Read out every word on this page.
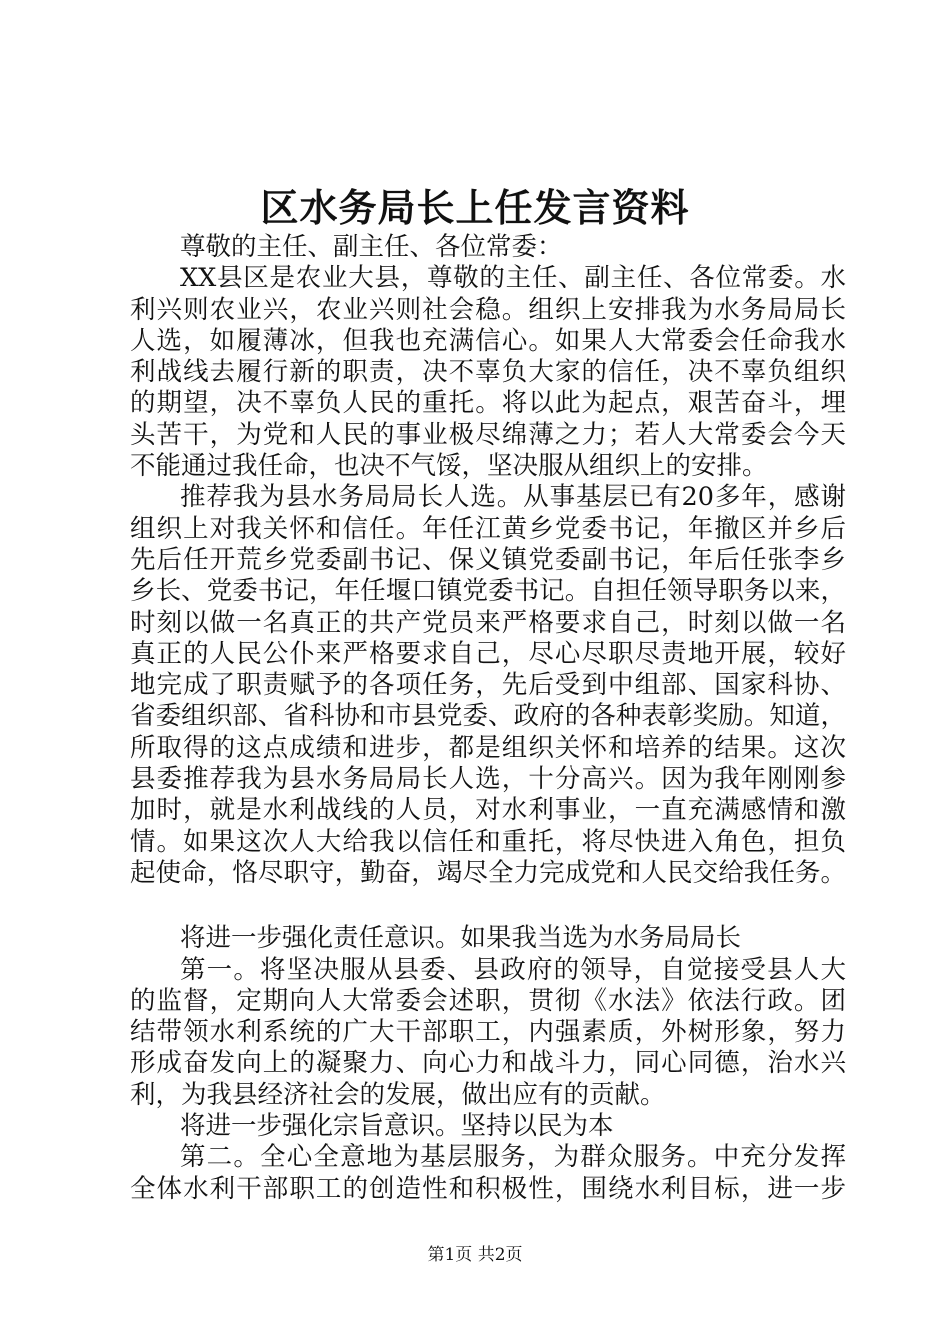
区水务局长上任发言资料
尊敬的主任、副主任、各位常委：
XX县区是农业大县，尊敬的主任、副主任、各位常委。水
利兴则农业兴，农业兴则社会稳。组织上安排我为水务局局长
人选，如履薄冰，但我也充满信心。如果人大常委会任命我水
利战线去履行新的职责，决不辜负大家的信任，决不辜负组织
的期望，决不辜负人民的重托。将以此为起点，艰苦奋斗，埋
头苦干，为党和人民的事业极尽绵薄之力；若人大常委会今天
不能通过我任命，也决不气馁，坚决服从组织上的安排。
推荐我为县水务局局长人选。从事基层已有20多年，感谢
组织上对我关怀和信任。年任江黄乡党委书记，年撤区并乡后
先后任开荒乡党委副书记、保义镇党委副书记，年后任张李乡
乡长、党委书记，年任堰口镇党委书记。自担任领导职务以来，
时刻以做一名真正的共产党员来严格要求自己，时刻以做一名
真正的人民公仆来严格要求自己，尽心尽职尽责地开展，较好
地完成了职责赋予的各项任务，先后受到中组部、国家科协、
省委组织部、省科协和市县党委、政府的各种表彰奖励。知道，
所取得的这点成绩和进步，都是组织关怀和培养的结果。这次
县委推荐我为县水务局局长人选，十分高兴。因为我年刚刚参
加时，就是水利战线的人员，对水利事业，一直充满感情和激
情。如果这次人大给我以信任和重托，将尽快进入角色，担负
起使命，恪尽职守，勤奋，竭尽全力完成党和人民交给我任务。
将进一步强化责任意识。如果我当选为水务局局长
第一。将坚决服从县委、县政府的领导，自觉接受县人大
的监督，定期向人大常委会述职，贯彻《水法》依法行政。团
结带领水利系统的广大干部职工，内强素质，外树形象，努力
形成奋发向上的凝聚力、向心力和战斗力，同心同德，治水兴
利，为我县经济社会的发展，做出应有的贡献。
将进一步强化宗旨意识。坚持以民为本
第二。全心全意地为基层服务，为群众服务。中充分发挥
全体水利干部职工的创造性和积极性，围绕水利目标，进一步
第1页 共2页
